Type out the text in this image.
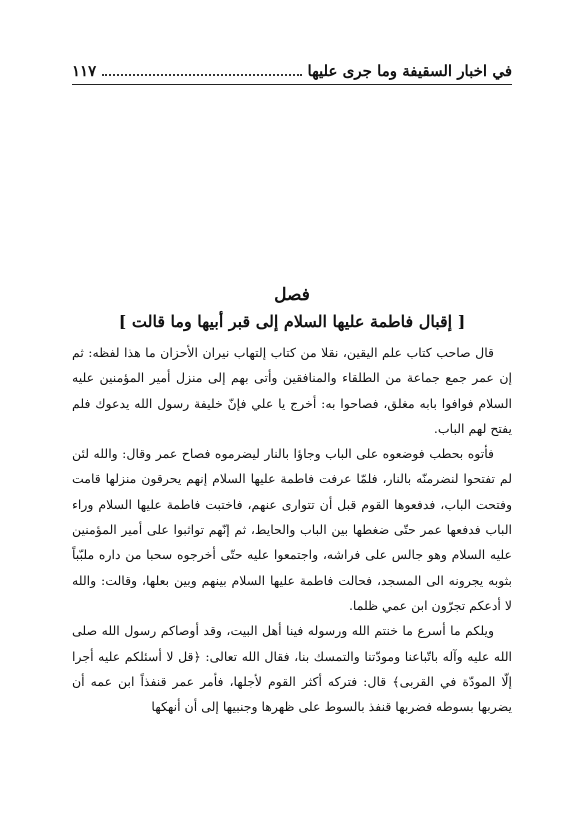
في اخبار السقيفة وما جرى عليها
١١٧
فصل
[ إقبال فاطمة عليها السلام إلى قبر أبيها وما قالت ]

قال صاحب كتاب علم اليقين، نقلا من كتاب إلتهاب نيران الأحزان ما هذا لفظه: ثم إن عمر جمع جماعة من الطلقاء والمنافقين وأتى بهم إلى منزل أمير المؤمنين عليه السلام فوافوا بابه مغلق، فصاحوا به: أخرج يا علي فإنّ خليفة رسول الله يدعوك فلم يفتح لهم الباب.

فأتوه بحطب فوضعوه على الباب وجاؤا بالنار ليضرموه فصاح عمر وقال: والله لئن لم تفتحوا لنضرمنّه بالنار، فلمّا عرفت فاطمة عليها السلام إنهم يحرقون منزلها قامت وفتحت الباب، فدفعوها القوم قبل أن تتوارى عنهم، فاختبت فاطمة عليها السلام وراء الباب فدفعها عمر حتّى ضغطها بين الباب والحايط، ثم إنّهم تواثبوا على أمير المؤمنين عليه السلام وهو جالس على فراشه، واجتمعوا عليه حتّى أخرجوه سحبا من داره ملبّباً بثوبه يجرونه الى المسجد، فحالت فاطمة عليها السلام بينهم وبين بعلها، وقالت: والله لا أدعكم تجرّون ابن عمي ظلما.

ويلكم ما أسرع ما خنتم الله ورسوله فينا أهل البيت، وقد أوصاكم رسول الله صلى الله عليه وآله باتّباعنا ومودّتنا والتمسك بنا، فقال الله تعالى: ﴿قل لا أسئلكم عليه أجرا إلّا المودّة في القربى﴾ قال: فتركه أكثر القوم لأجلها، فأمر عمر قنفذاً ابن عمه أن يضربها بسوطه فضربها قنفذ بالسوط على ظهرها وجنبيها إلى أن أنهكها
